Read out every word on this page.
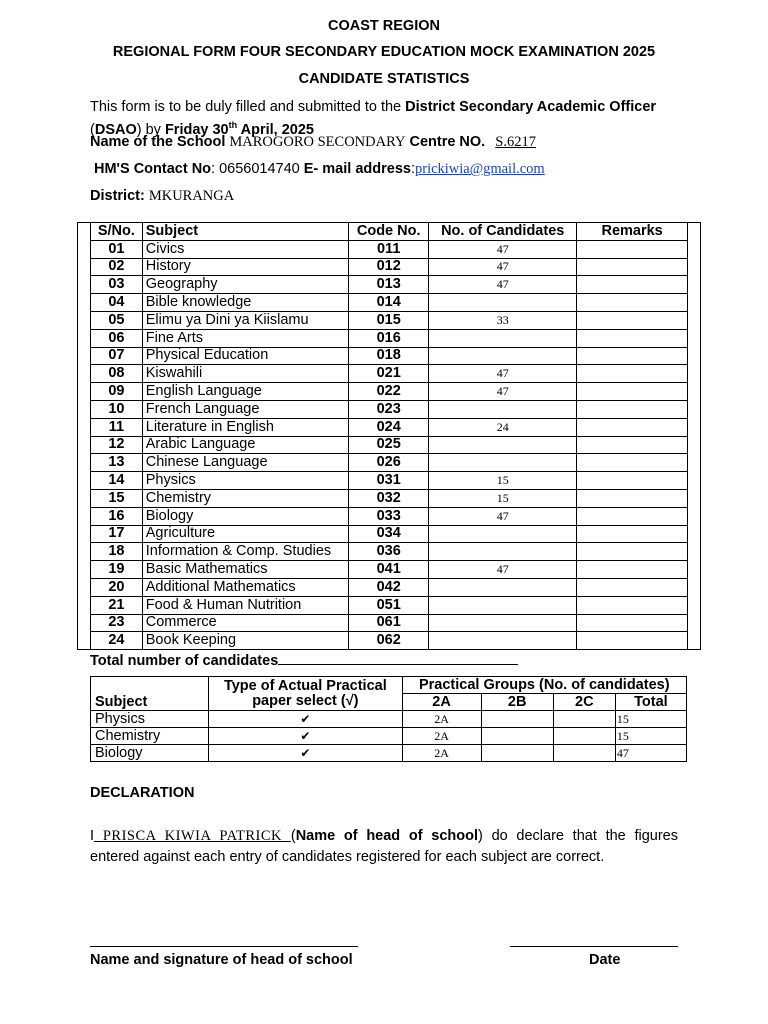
COAST REGION
REGIONAL FORM FOUR SECONDARY EDUCATION MOCK EXAMINATION 2025
CANDIDATE STATISTICS
This form is to be duly filled and submitted to the District Secondary Academic Officer
(DSAO) by Friday 30th April, 2025
Name of the School MAROGORO SECONDARY Centre NO. S.6217
HM'S Contact No: 0656014740 E- mail address:prickiwia@gmail.com
District: MKURANGA
S/No.	Subject	Code No.	No. of Candidates	Remarks
01	Civics	011	47	
02	History	012	47	
03	Geography	013	47	
04	Bible knowledge	014		
05	Elimu ya Dini ya Kiislamu	015	33	
06	Fine Arts	016		
07	Physical Education	018		
08	Kiswahili	021	47	
09	English Language	022	47	
10	French Language	023		
11	Literature in English	024	24	
12	Arabic Language	025		
13	Chinese Language	026		
14	Physics	031	15	
15	Chemistry	032	15	
16	Biology	033	47	
17	Agriculture	034		
18	Information & Comp. Studies	036		
19	Basic Mathematics	041	47	
20	Additional Mathematics	042		
21	Food & Human Nutrition	051		
23	Commerce	061		
24	Book Keeping	062		
Total number of candidates
Subject	Type of Actual Practical paper select (√)	Practical Groups (No. of candidates)			
		2A	2B	2C	Total
Physics	✔	2A			15
Chemistry	✔	2A			15
Biology	✔	2A			47
DECLARATION
I PRISCA KIWIA PATRICK (Name of head of school) do declare that the figures
entered against each entry of candidates registered for each subject are correct.
Name and signature of head of school	Date
